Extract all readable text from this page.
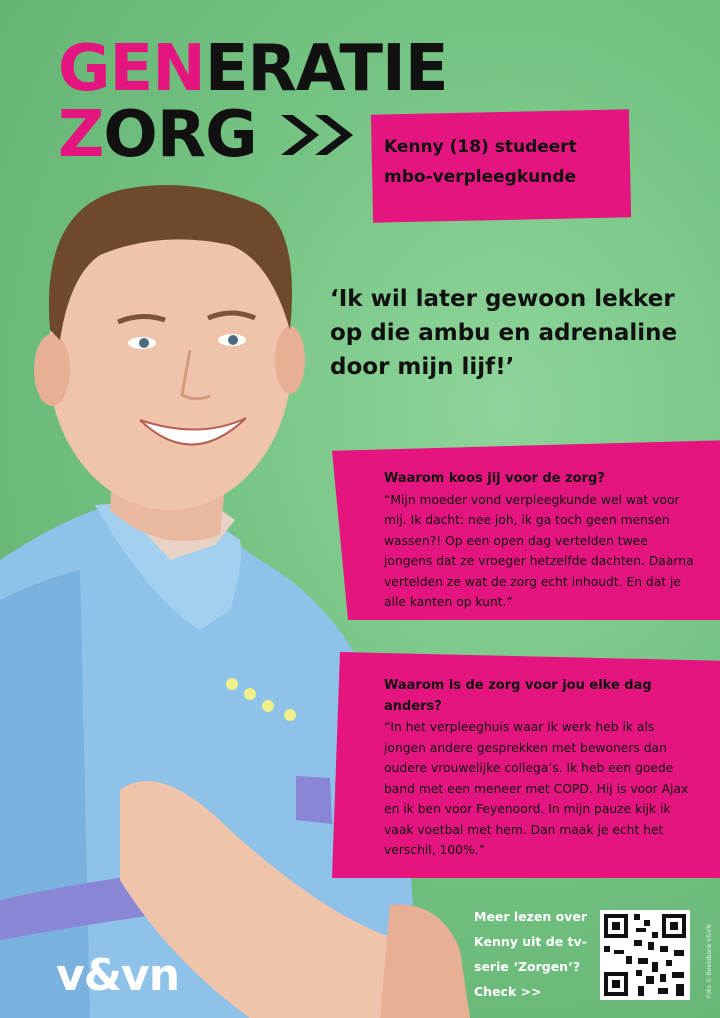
GENERATIE
Z ORG	Kenny (18) studeert
mbo-verpleegkunde
‘Ik wil later gewoon lekker op die ambu en adrenaline door mijn lijf!’
Waarom koos jij voor de zorg?
“Mijn moeder vond verpleegkunde wel wat voor mij. Ik dacht: nee joh, ik ga toch geen mensen wassen?! Op een open dag vertelden twee jongens dat ze vroeger hetzelfde dachten. Daarna vertelden ze wat de zorg echt inhoudt. En dat je alle kanten op kunt.”
Waarom is de zorg voor jou elke dag anders?
“In het verpleeghuis waar ik werk heb ik als jongen andere gesprekken met bewoners dan oudere vrouwelijke collega’s. Ik heb een goede band met een meneer met COPD. Hij is voor Ajax en ik ben voor Feyenoord. In mijn pauze kijk ik vaak voetbal met hem. Dan maak je echt het verschil, 100%.”
Meer lezen over Kenny uit de tv-serie ‘Zorgen’? Check >>
v&vn	Foto © Beeldbank V&VN
